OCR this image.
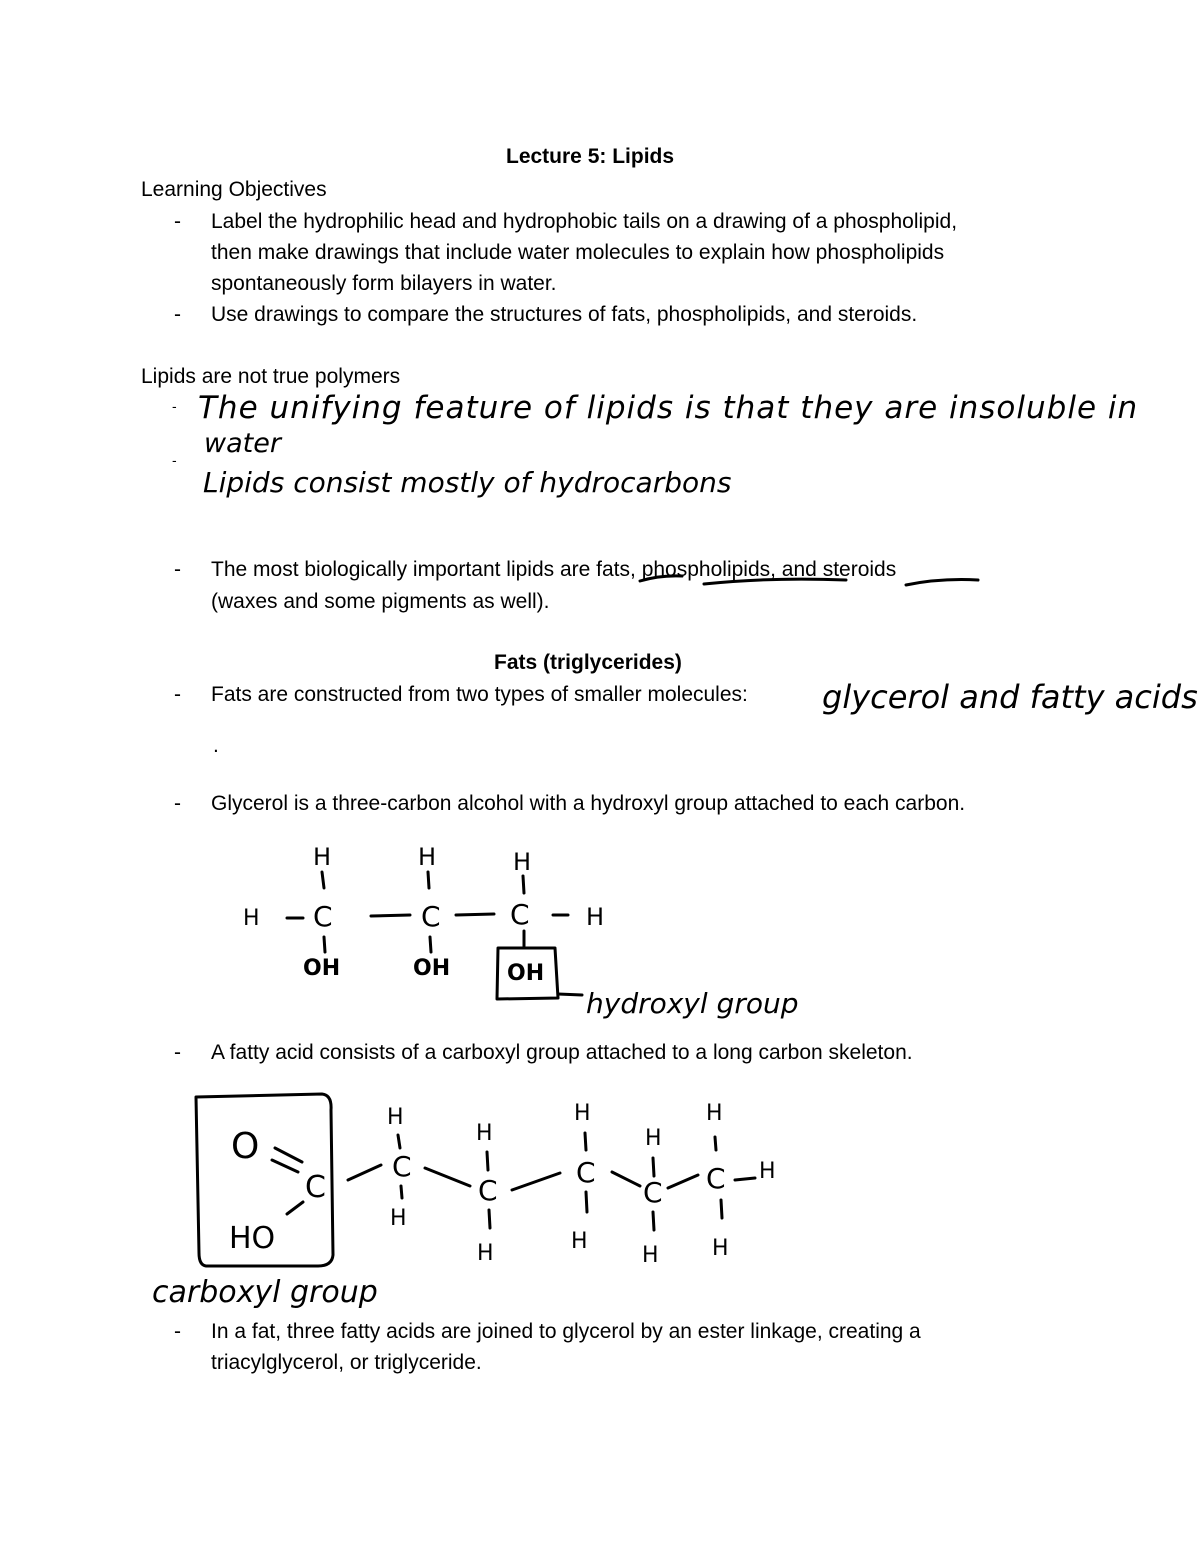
Lecture 5: Lipids
Learning Objectives
- Label the hydrophilic head and hydrophobic tails on a drawing of a phospholipid,
then make drawings that include water molecules to explain how phospholipids
spontaneously form bilayers in water.
- Use drawings to compare the structures of fats, phospholipids, and steroids.
Lipids are not true polymers
- The unifying feature of lipids is that they are insoluble in
water
-
Lipids consist mostly of hydrocarbons
- The most biologically important lipids are fats, phospholipids, and steroids
(waxes and some pigments as well).
Fats (triglycerides)
- Fats are constructed from two types of smaller molecules: glycerol and fatty acids
.
- Glycerol is a three-carbon alcohol with a hydroxyl group attached to each carbon.
- A fatty acid consists of a carboxyl group attached to a long carbon skeleton.
- In a fat, three fatty acids are joined to glycerol by an ester linkage, creating a
triacylglycerol, or triglyceride.
H	H	H
H C	C C H
OH	OH	OH
hydroxyl group
O
C
HO
H
C
H
H
C
H
H
C
H
H
C
H
H
C H
H
carboxyl group
